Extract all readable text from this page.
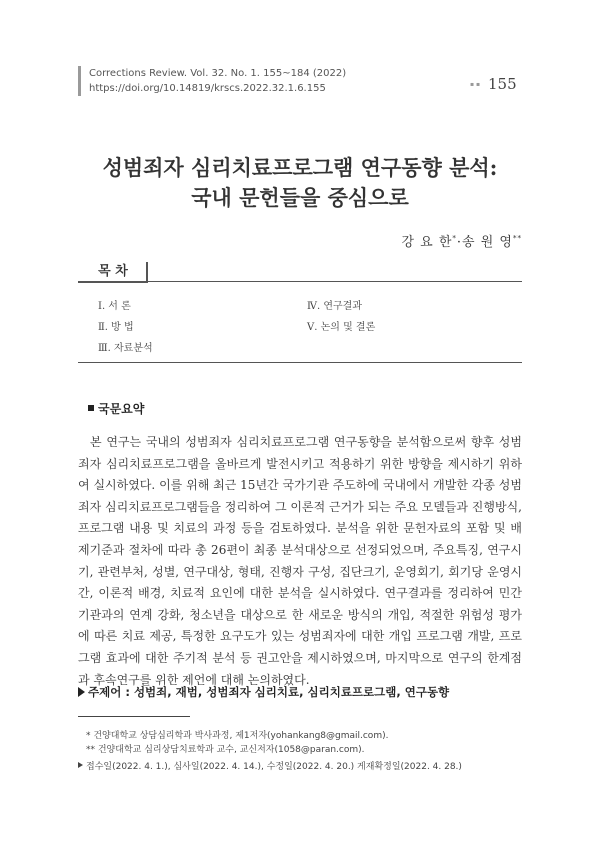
Corrections Review. Vol. 32. No. 1. 155~184 (2022)
https://doi.org/10.14819/krscs.2022.32.1.6.155	▪ ▪ 155
성범죄자 심리치료프로그램 연구동향 분석:
국내 문헌들을 중심으로
강 요 한*·송 원 영**
목 차
Ⅰ. 서 론
Ⅱ. 방 법
Ⅲ. 자료분석
Ⅳ. 연구결과
Ⅴ. 논의 및 결론
국문요약
본 연구는 국내의 성범죄자 심리치료프로그램 연구동향을 분석함으로써 향후 성범
죄자 심리치료프로그램을 올바르게 발전시키고 적용하기 위한 방향을 제시하기 위하
여 실시하였다. 이를 위해 최근 15년간 국가기관 주도하에 국내에서 개발한 각종 성범
죄자 심리치료프로그램들을 정리하여 그 이론적 근거가 되는 주요 모델들과 진행방식,
프로그램 내용 및 치료의 과정 등을 검토하였다. 분석을 위한 문헌자료의 포함 및 배
제기준과 절차에 따라 총 26편이 최종 분석대상으로 선정되었으며, 주요특징, 연구시
기, 관련부처, 성별, 연구대상, 형태, 진행자 구성, 집단크기, 운영회기, 회기당 운영시
간, 이론적 배경, 치료적 요인에 대한 분석을 실시하였다. 연구결과를 정리하여 민간
기관과의 연계 강화, 청소년을 대상으로 한 새로운 방식의 개입, 적절한 위험성 평가
에 따른 치료 제공, 특정한 요구도가 있는 성범죄자에 대한 개입 프로그램 개발, 프로
그램 효과에 대한 주기적 분석 등 권고안을 제시하였으며, 마지막으로 연구의 한계점
과 후속연구를 위한 제언에 대해 논의하였다.
주제어 : 성범죄, 재범, 성범죄자 심리치료, 심리치료프로그램, 연구동향
* 건양대학교 상담심리학과 박사과정, 제1저자(yohankang8@gmail.com).
** 건양대학교 심리상담치료학과 교수, 교신저자(1058@paran.com).
접수일(2022. 4. 1.), 심사일(2022. 4. 14.), 수정일(2022. 4. 20.) 게재확정일(2022. 4. 28.)
